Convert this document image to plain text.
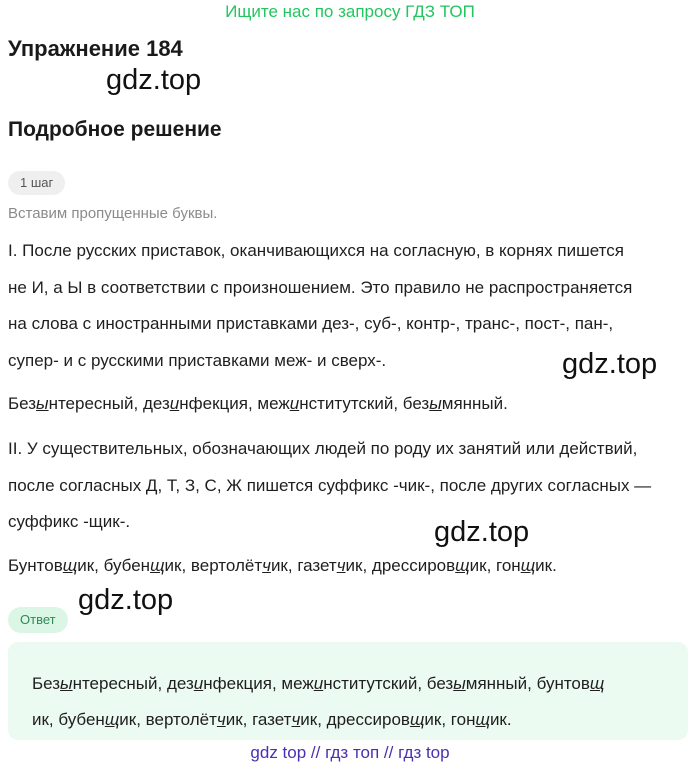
Ищите нас по запросу ГДЗ ТОП
Упражнение 184
gdz.top
Подробное решение
1 шаг
Вставим пропущенные буквы.
I. После русских приставок, оканчивающихся на согласную, в корнях пишется
не И, а Ы в соответствии с произношением. Это правило не распространяется
на слова с иностранными приставками дез-, суб-, контр-, транс-, пост-, пан-,
супер- и с русскими приставками меж- и сверх-.	gdz.top
Безынтересный, дезинфекция, межинститутский, безымянный.
II. У существительных, обозначающих людей по роду их занятий или действий,
после согласных Д, Т, З, С, Ж пишется суффикс -чик-, после других согласных —
суффикс -щик-.	gdz.top
Бунтовщик, бубенщик, вертолётчик, газетчик, дрессировщик, гонщик.
gdz.top
Ответ
Безынтересный, дезинфекция, межинститутский, безымянный, бунтовщ
ик, бубенщик, вертолётчик, газетчик, дрессировщик, гонщик.
gdz top // гдз топ // гдз top
